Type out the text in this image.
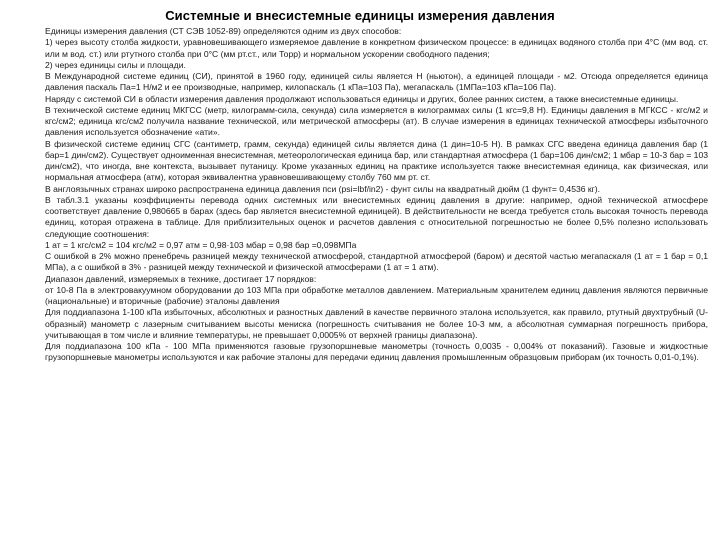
Системные и внесистемные единицы измерения давления

Единицы измерения давления (СТ СЭВ 1052-89) определяются одним из двух способов:

1) через высоту столба жидкости, уравновешивающего измеряемое давление в конкретном физическом процессе: в единицах водяного столба при 4°С (мм вод. ст. или м вод. ст.) или ртутного столба при 0°С (мм рт.ст., или Торр) и нормальном ускорении свободного падения;

2) через единицы силы и площади.

В Международной системе единиц (СИ), принятой в 1960 году, единицей силы является Н (ньютон), а единицей площади - м2. Отсюда определяется единица давления паскаль Па=1 Н/м2 и ее производные, например, килопаскаль (1 кПа=103 Па), мегапаскаль (1МПа=103 кПа=106 Па).

Наряду с системой СИ в области измерения давления продолжают использоваться единицы и других, более ранних систем, а также внесистемные единицы.

В технической системе единиц МКГСС (метр, килограмм-сила, секунда) сила измеряется в килограммах силы (1 кгс=9,8 Н). Единицы давления в МГКСС - кгс/м2 и кгс/см2; единица кгс/см2 получила название технической, или метрической атмосферы (ат). В случае измерения в единицах технической атмосферы избыточного давления используется обозначение «ати».

В физической системе единиц СГС (сантиметр, грамм, секунда) единицей силы является дина (1 дин=10-5 Н). В рамках СГС введена единица давления бар (1 бар=1 дин/см2). Существует одноименная внесистемная, метеорологическая единица бар, или стандартная атмосфера (1 бар=106 дин/см2; 1 мбар = 10-3 бар = 103 дин/см2), что иногда, вне контекста, вызывает путаницу. Кроме указанных единиц на практике используется также внесистемная единица, как физическая, или нормальная атмосфера (атм), которая эквивалентна уравновешивающему столбу 760 мм рт. ст.

В англоязычных странах широко распространена единица давления пси (psi=lbf/in2) - фунт силы на квадратный дюйм (1 фунт= 0,4536 кг).

В табл.3.1 указаны коэффициенты перевода одних системных или внесистемных единиц давления в другие: например, одной технической атмосфере соответствует давление 0,980665 в барах (здесь бар является внесистемной единицей). В действительности не всегда требуется столь высокая точность перевода единиц, которая отражена в таблице. Для приблизительных оценок и расчетов давления с относительной погрешностью не более 0,5% полезно использовать следующие соотношения:

1 ат = 1 кгс/см2 = 104 кгс/м2 = 0,97 атм = 0,98·103 мбар = 0,98 бар =0,098МПа

С ошибкой в 2% можно пренебречь разницей между технической атмосферой, стандартной атмосферой (баром) и десятой частью мегапаскаля (1 ат = 1 бар = 0,1 МПа), а с ошибкой в 3% - разницей между технической и физической атмосферами (1 ат = 1 атм).

Диапазон давлений, измеряемых в технике, достигает 17 порядков:

от 10-8 Па в электровакуумном оборудовании до 103 МПа при обработке металлов давлением. Материальным хранителем единиц давления являются первичные (национальные) и вторичные (рабочие) эталоны давления

Для поддиапазона 1-100 кПа избыточных, абсолютных и разностных давлений в качестве первичного эталона используется, как правило, ртутный двухтрубный (U-образный) манометр с лазерным считыванием высоты мениска (погрешность считывания не более 10-3 мм, а абсолютная суммарная погрешность прибора, учитывающая в том числе и влияние температуры, не превышает 0,0005% от верхней границы диапазона).

Для поддиапазона 100 кПа - 100 МПа применяются газовые грузопоршневые манометры (точность 0,0035 - 0,004% от показаний). Газовые и жидкостные грузопоршневые манометры используются и как рабочие эталоны для передачи единиц давления промышленным образцовым приборам (их точность 0,01-0,1%).
